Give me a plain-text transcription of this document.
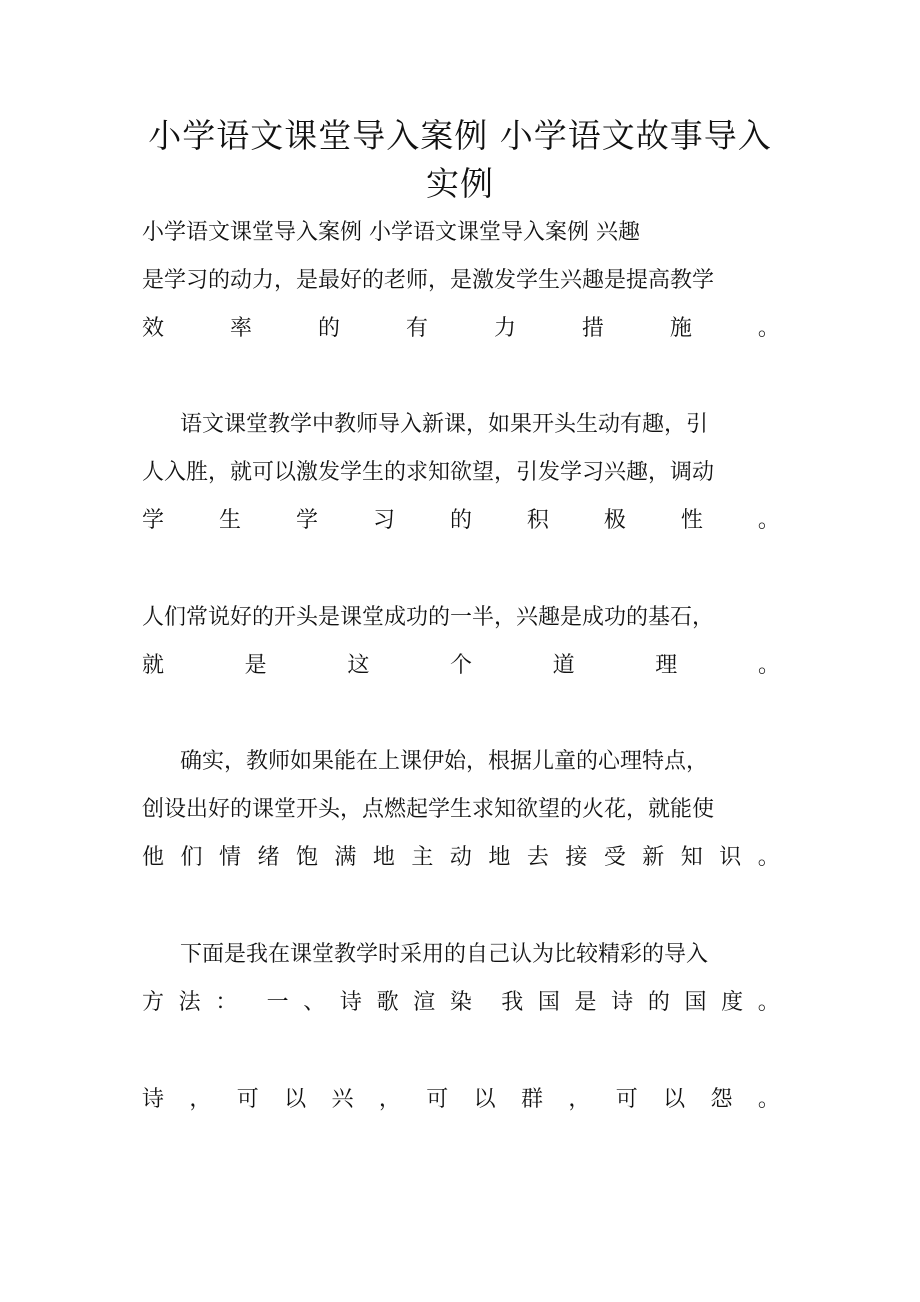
小学语文课堂导入案例 小学语文故事导入
实例
小学语文课堂导入案例 小学语文课堂导入案例 兴趣
是学习的动力，是最好的老师，是激发学生兴趣是提高教学
效	率	的	有	力	措	施	。
语文课堂教学中教师导入新课，如果开头生动有趣，引
人入胜，就可以激发学生的求知欲望，引发学习兴趣，调动
学 生 学 习 的 积 极 性 。
人们常说好的开头是课堂成功的一半，兴趣是成功的基石，
就	是	这	个	道	理	。
确实，教师如果能在上课伊始，根据儿童的心理特点，
创设出好的课堂开头，点燃起学生求知欲望的火花，就能使
他 们 情 绪 饱 满 地 主 动 地 去 接 受 新 知 识 。
下面是我在课堂教学时采用的自己认为比较精彩的导入
方 法 ： 一 、 诗 歌 渲 染 我 国 是 诗 的 国 度 。
诗 ， 可 以 兴 ， 可 以 群 ， 可 以 怨 。
